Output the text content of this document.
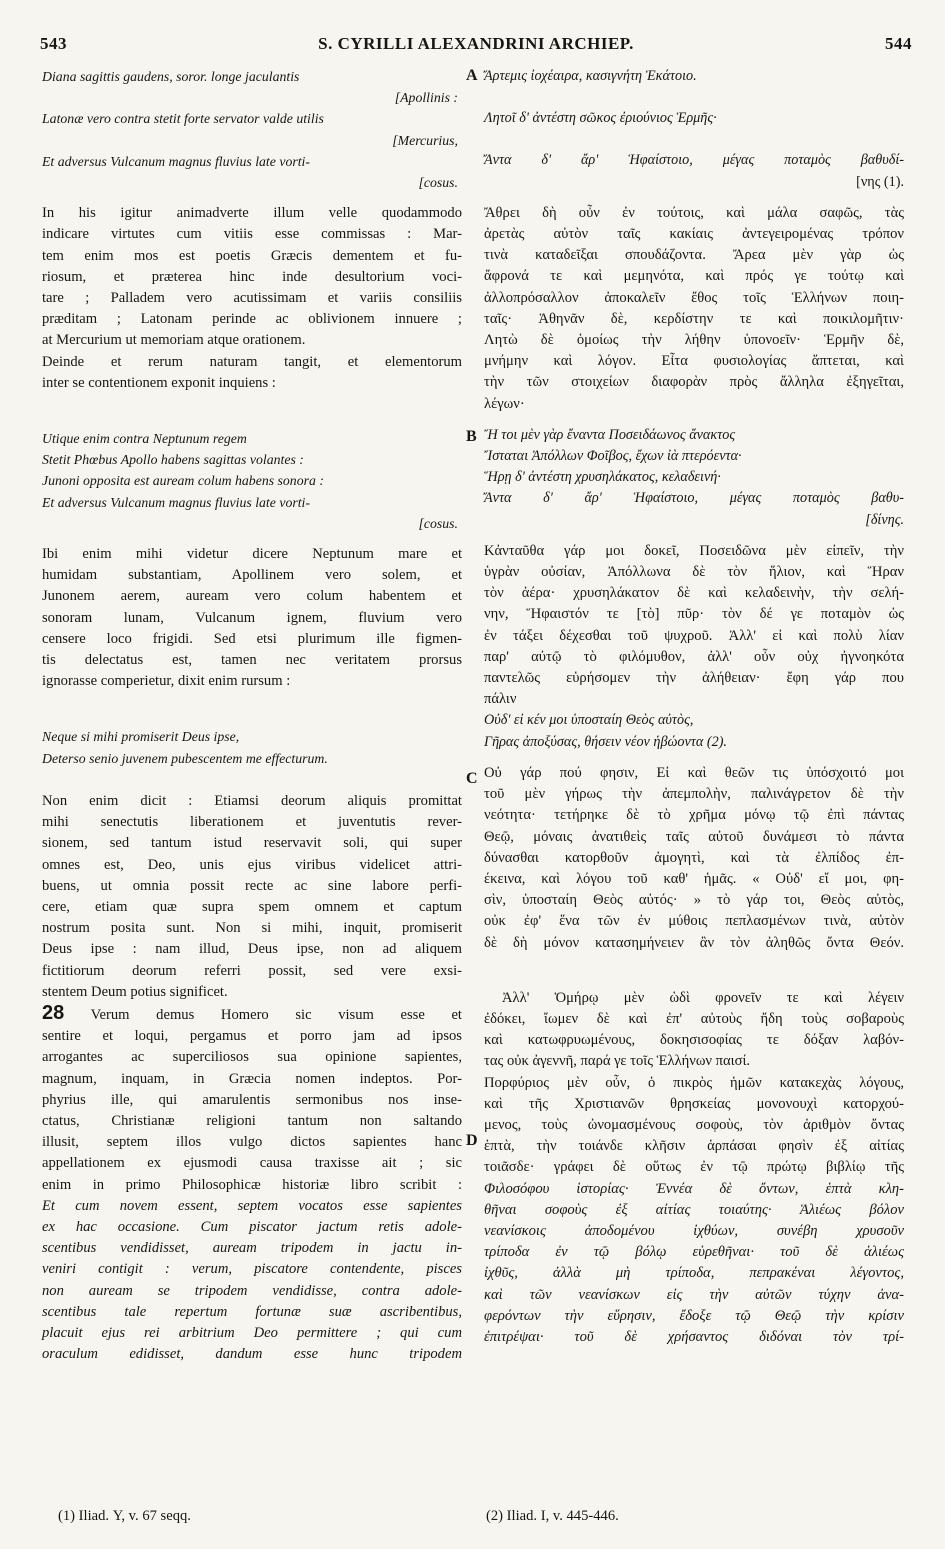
543	S. CYRILLI ALEXANDRINI ARCHIEP.	544
A
B
C
D
Diana sagittis gaudens, soror. longe jaculantis
[Apollinis :
Latonæ vero contra stetit forte servator valde utilis
[Mercurius,
Et adversus Vulcanum magnus fluvius late vorti-
[cosus.
In his igitur animadverte illum velle quodammodo
indicare virtutes cum vitiis esse commissas : Mar-
tem enim mos est poetis Græcis dementem et fu-
riosum, et præterea hinc inde desultorium voci-
tare ; Palladem vero acutissimam et variis consiliis
præditam ; Latonam perinde ac oblivionem innuere ;
at Mercurium ut memoriam atque orationem.
Deinde et rerum naturam tangit, et elementorum
inter se contentionem exponit inquiens :
Utique enim contra Neptunum regem
Stetit Phœbus Apollo habens sagittas volantes :
Junoni opposita est auream colum habens sonora :
Et adversus Vulcanum magnus fluvius late vorti-
[cosus.
Ibi enim mihi videtur dicere Neptunum mare et
humidam substantiam, Apollinem vero solem, et
Junonem aerem, auream vero colum habentem et
sonoram lunam, Vulcanum ignem, fluvium vero
censere loco frigidi. Sed etsi plurimum ille figmen-
tis delectatus est, tamen nec veritatem prorsus
ignorasse comperietur, dixit enim rursum :
Neque si mihi promiserit Deus ipse,
Deterso senio juvenem pubescentem me effecturum.
Non enim dicit : Etiamsi deorum aliquis promittat
mihi senectutis liberationem et juventutis rever-
sionem, sed tantum istud reservavit soli, qui super
omnes est, Deo, unis ejus viribus videlicet attri-
buens, ut omnia possit recte ac sine labore perfi-
cere, etiam quæ supra spem omnem et captum
nostrum posita sunt. Non si mihi, inquit, promiserit
Deus ipse : nam illud, Deus ipse, non ad aliquem
fictitiorum deorum referri possit, sed vere exsi-
stentem Deum potius significet.
28 Verum demus Homero sic visum esse et
sentire et loqui, pergamus et porro jam ad ipsos
arrogantes ac superciliosos sua opinione sapientes,
magnum, inquam, in Græcia nomen indeptos. Por-
phyrius ille, qui amarulentis sermonibus nos inse-
ctatus, Christianæ religioni tantum non saltando
illusit, septem illos vulgo dictos sapientes hanc
appellationem ex ejusmodi causa traxisse ait ; sic
enim in primo Philosophicæ historiæ libro scribit :
Et cum novem essent, septem vocatos esse sapientes
ex hac occasione. Cum piscator jactum retis adole-
scentibus vendidisset, auream tripodem in jactu in-
veniri contigit : verum, piscatore contendente, pisces
non auream se tripodem vendidisse, contra adole-
scentibus tale repertum fortunæ suæ ascribentibus,
placuit ejus rei arbitrium Deo permittere ; qui cum
oraculum edidisset, dandum esse hunc tripodem
Ἄρτεμις ἰοχέαιρα, κασιγνήτη Ἑκάτοιο.
Λητοῖ δ' ἀντέστη σῶκος ἐριούνιος Ἑρμῆς·
Ἄντα δ' ἄρ' Ἡφαίστοιο, μέγας ποταμὸς βαθυδί-
[νης (1).
Ἄθρει δὴ οὖν ἐν τούτοις, καὶ μάλα σαφῶς, τὰς
ἀρετὰς αὐτὸν ταῖς κακίαις ἀντεγειρομένας τρόπον
τινὰ καταδεῖξαι σπουδάζοντα. Ἄρεα μὲν γὰρ ὡς
ἄφρονά τε καὶ μεμηνότα, καὶ πρός γε τούτῳ καὶ
ἀλλοπρόσαλλον ἀποκαλεῖν ἔθος τοῖς Ἑλλήνων ποιη-
ταῖς· Ἀθηνᾶν δὲ, κερδίστην τε καὶ ποικιλομῆτιν·
Λητὼ δὲ ὁμοίως τὴν λήθην ὑπονοεῖν· Ἑρμῆν δὲ,
μνήμην καὶ λόγον. Εἶτα φυσιολογίας ἅπτεται, καὶ
τὴν τῶν στοιχείων διαφορὰν πρὸς ἄλληλα ἐξηγεῖται,
λέγων·
Ἤ τοι μὲν γὰρ ἔναντα Ποσειδάωνος ἄνακτος
Ἴσταται Ἀπόλλων Φοῖβος, ἔχων ἰὰ πτερόεντα·
Ἥρῃ δ' ἀντέστη χρυσηλάκατος, κελαδεινή·
Ἄντα δ' ἄρ' Ἡφαίστοιο, μέγας ποταμὸς βαθυ-
[δίνης.
Κἀνταῦθα γάρ μοι δοκεῖ, Ποσειδῶνα μὲν εἰπεῖν, τὴν
ὑγρὰν οὐσίαν, Ἀπόλλωνα δὲ τὸν ἥλιον, καὶ Ἥραν
τὸν ἀέρα· χρυσηλάκατον δὲ καὶ κελαδεινὴν, τὴν σελή-
νην, Ἥφαιστόν τε [τὸ] πῦρ· τὸν δέ γε ποταμὸν ὡς
ἐν τάξει δέχεσθαι τοῦ ψυχροῦ. Ἀλλ' εἰ καὶ πολὺ λίαν
παρ' αὐτῷ τὸ φιλόμυθον, ἀλλ' οὖν οὐχ ἠγνοηκότα
παντελῶς εὑρήσομεν τὴν ἀλήθειαν· ἔφη γάρ που
πάλιν
Οὐδ' εἰ κέν μοι ὑποσταίη Θεὸς αὐτὸς,
Γῆρας ἀποξύσας, θήσειν νέον ἡβώοντα (2).
Οὐ γάρ πού φησιν, Εἰ καὶ θεῶν τις ὑπόσχοιτό μοι
τοῦ μὲν γήρως τὴν ἀπεμπολὴν, παλινάγρετον δὲ τὴν
νεότητα· τετήρηκε δὲ τὸ χρῆμα μόνῳ τῷ ἐπὶ πάντας
Θεῷ, μόναις ἀνατιθεὶς ταῖς αὐτοῦ δυνάμεσι τὸ πάντα
δύνασθαι κατορθοῦν ἀμογητὶ, καὶ τὰ ἐλπίδος ἐπ-
έκεινα, καὶ λόγου τοῦ καθ' ἡμᾶς. « Οὐδ' εἴ μοι, φη-
σὶν, ὑποσταίη Θεὸς αὐτός· » τὸ γάρ τοι, Θεὸς αὐτὸς,
οὐκ ἐφ' ἕνα τῶν ἐν μύθοις πεπλασμένων τινὰ, αὐτὸν
δὲ δὴ μόνον κατασημήνειεν ἂν τὸν ἀληθῶς ὄντα Θεόν.
Ἀλλ' Ὁμήρῳ μὲν ὡδὶ φρονεῖν τε καὶ λέγειν
ἐδόκει, ἴωμεν δὲ καὶ ἐπ' αὐτοὺς ἤδη τοὺς σοβαροὺς
καὶ κατωφρυωμένους, δοκησισοφίας τε δόξαν λαβόν-
τας οὐκ ἀγεννῆ, παρά γε τοῖς Ἑλλήνων παισί.
Πορφύριος μὲν οὖν, ὁ πικρὸς ἡμῶν κατακεχὰς λόγους,
καὶ τῆς Χριστιανῶν θρησκείας μονονουχὶ κατορχού-
μενος, τοὺς ὠνομασμένους σοφοὺς, τὸν ἀριθμὸν ὄντας
ἑπτὰ, τὴν τοιάνδε κλῆσιν ἁρπάσαι φησὶν ἐξ αἰτίας
τοιᾶσδε· γράφει δὲ οὕτως ἐν τῷ πρώτῳ βιβλίῳ τῆς
Φιλοσόφου ἱστορίας· Ἐννέα δὲ ὄντων, ἑπτὰ κλη-
θῆναι σοφοὺς ἐξ αἰτίας τοιαύτης· Ἁλιέως βόλον
νεανίσκοις ἀποδομένου ἰχθύων, συνέβη χρυσοῦν
τρίποδα ἐν τῷ βόλῳ εὑρεθῆναι· τοῦ δὲ ἁλιέως
ἰχθῦς, ἀλλὰ μὴ τρίποδα, πεπρακέναι λέγοντος,
καὶ τῶν νεανίσκων εἰς τὴν αὐτῶν τύχην ἀνα-
φερόντων τὴν εὕρησιν, ἔδοξε τῷ Θεῷ τὴν κρίσιν
ἐπιτρέψαι· τοῦ δὲ χρήσαντος διδόναι τὸν τρί-
(1) Iliad. Υ, v. 67 seqq.	(2) Iliad. I, v. 445-446.
